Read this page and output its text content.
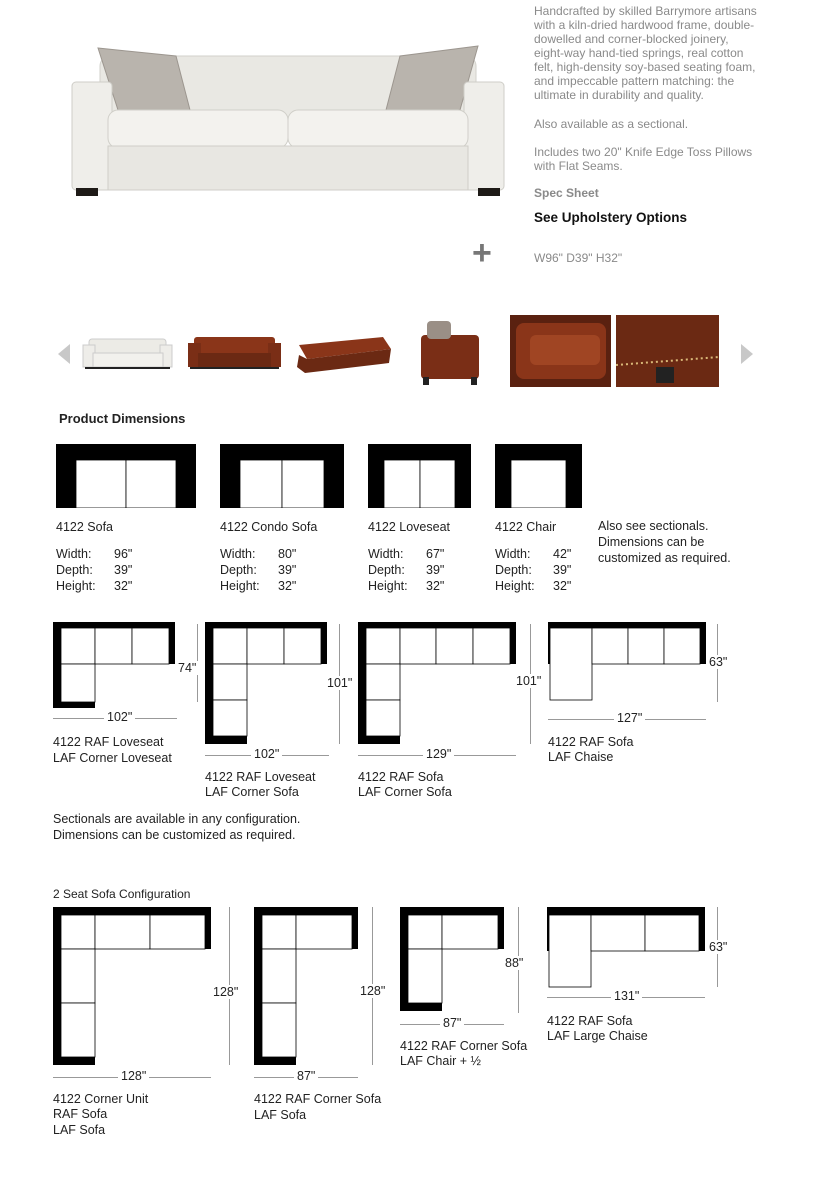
Handcrafted by skilled Barrymore artisans with a kiln-dried hardwood frame, double-dowelled and corner-blocked joinery, eight-way hand-tied springs, real cotton felt, high-density soy-based seating foam, and impeccable pattern matching: the ultimate in durability and quality.
Also available as a sectional.
Includes two 20" Knife Edge Toss Pillows with Flat Seams.
Spec Sheet
See Upholstery Options
+	W96" D39" H32"
Product Dimensions
4122 Sofa
Width:	96"
Depth:	39"
Height:	32"
4122 Condo Sofa
Width:	80"
Depth:	39"
Height:	32"
4122 Loveseat
Width:	67"
Depth:	39"
Height:	32"
4122 Chair
Width:	42"
Depth:	39"
Height:	32"
Also see sectionals. Dimensions can be customized as required.
74"
102"
4122 RAF Loveseat
LAF Corner Loveseat
101"
102"
4122 RAF Loveseat
LAF Corner Sofa
101"
129"
4122 RAF Sofa
LAF Corner Sofa
63"
127"
4122 RAF Sofa
LAF Chaise
Sectionals are available in any configuration.
Dimensions can be customized as required.
2 Seat Sofa Configuration
128"
128"
4122 Corner Unit
RAF Sofa
LAF Sofa
128"
87"
4122 RAF Corner Sofa
LAF Sofa
88"
87"
4122 RAF Corner Sofa
LAF Chair + ½
63"
131"
4122 RAF Sofa
LAF Large Chaise
